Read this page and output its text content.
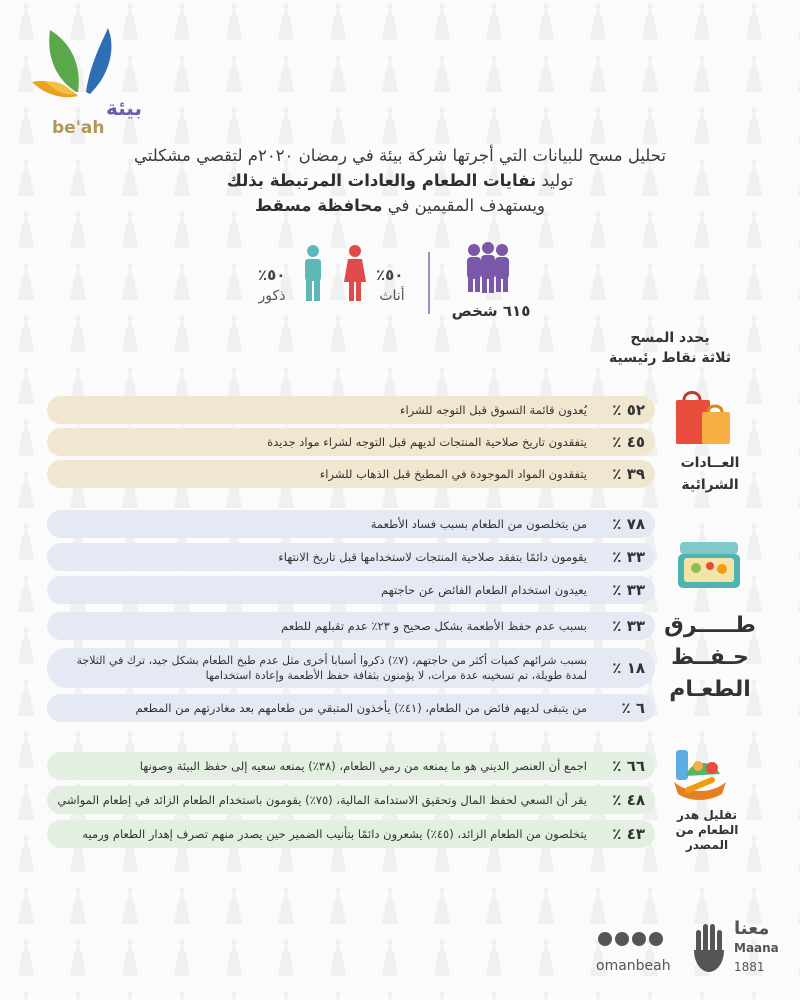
بيئة
be'ah
تحليل مسح للبيانات التي أجرتها شركة بيئة في رمضان ٢٠٢٠م لتقصي مشكلتي
توليد نفايات الطعام والعادات المرتبطة بذلك
ويستهدف المقيمين في محافظة مسقط
٦١٥ شخص
٥٠٪
أناث
٥٠٪
ذكور
يحدد المسح
ثلاثة نقاط رئيسية
٥٢ ٪
يُعدون قائمة التسوق قبل التوجه للشراء
٤٥ ٪
يتفقدون تاريخ صلاحية المنتجات لديهم قبل التوجه لشراء مواد جديدة
٣٩ ٪
يتفقدون المواد الموجودة في المطبخ قبل الذهاب للشراء
العــادات الشرائية
٧٨ ٪
من يتخلصون من الطعام بسبب فساد الأطعمة
٣٣ ٪
يقومون دائمًا بتفقد صلاحية المنتجات لاستخدامها قبل تاريخ الانتهاء
٣٣ ٪
يعيدون استخدام الطعام الفائض عن حاجتهم
٣٣ ٪
بسبب عدم حفظ الأطعمة بشكل صحيح و ٢٣٪ عدم تقبلهم للطعم
١٨ ٪
بسبب شرائهم كميات أكثر من حاجتهم، (٧٪) ذكروا أسبابا أخرى مثل عدم طبخ الطعام بشكل جيد، ترك في الثلاجة لمدة طويلة، تم تسخينه عدة مرات، لا يؤمنون بثقافة حفظ الأطعمة وإعادة استخدامها
٦ ٪
من يتبقى لديهم فائض من الطعام، (٤١٪) يأخذون المتبقي من طعامهم بعد مغادرتهم من المطعم
طـــــرق
حـفــظ
الطعـام
٦٦ ٪
اجمع أن العنصر الديني هو ما يمنعه من رمي الطعام، (٣٨٪) يمنعه سعيه إلى حفظ البيئة وصونها
٤٨ ٪
يقر أن السعي لحفظ المال وتحقيق الاستدامة المالية، (٧٥٪) يقومون باستخدام الطعام الزائد في إطعام المواشي
٤٣ ٪
يتخلصون من الطعام الزائد، (٤٥٪) يشعرون دائمًا بتأنيب الضمير حين يصدر منهم تصرف إهدار الطعام ورميه
تقليل هدر الطعام من المصدر
omanbeah
معنا
Maana
1881
